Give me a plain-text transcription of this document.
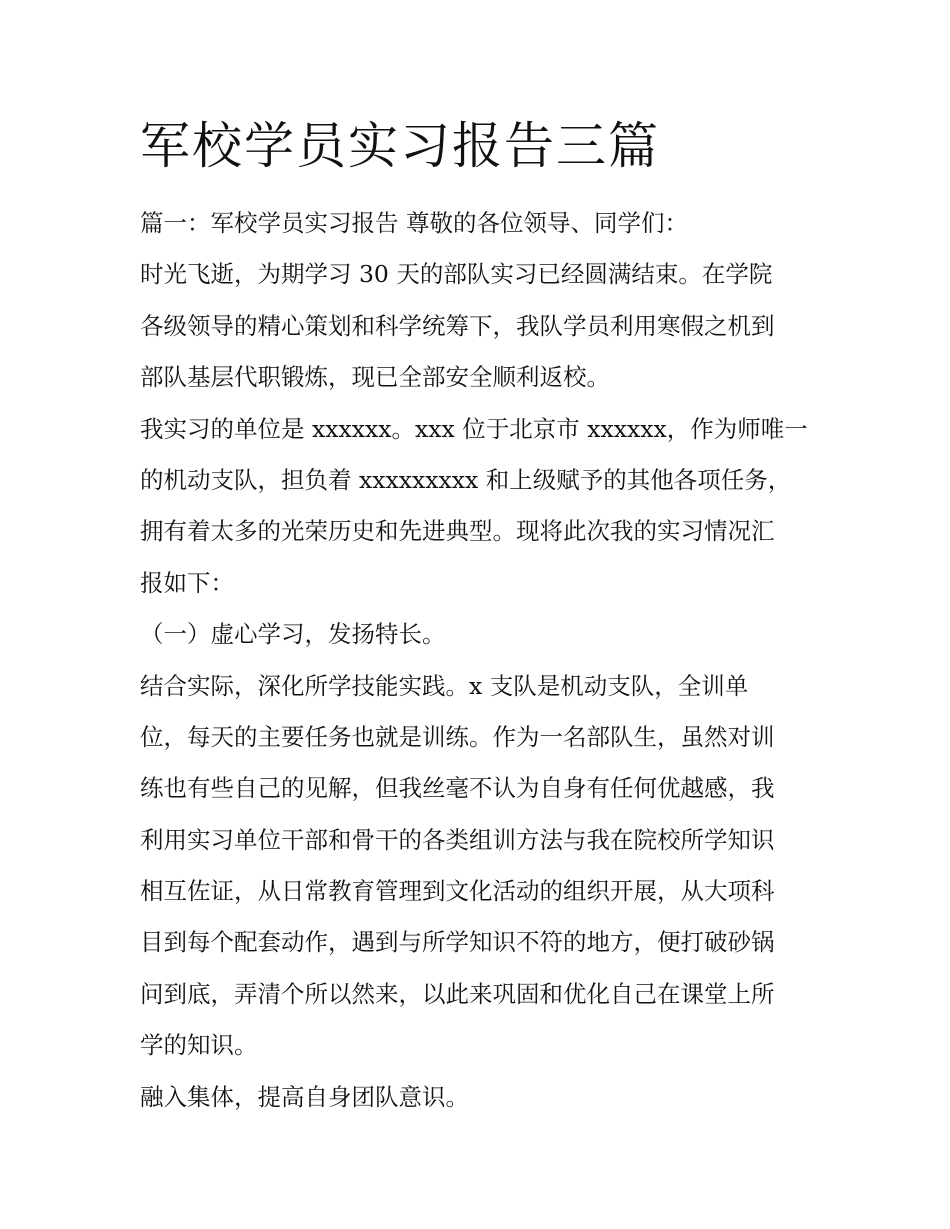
军校学员实习报告三篇

篇一：军校学员实习报告 尊敬的各位领导、同学们：

时光飞逝，为期学习 30 天的部队实习已经圆满结束。在学院

各级领导的精心策划和科学统筹下，我队学员利用寒假之机到

部队基层代职锻炼，现已全部安全顺利返校。

我实习的单位是 xxxxxx。xxx 位于北京市 xxxxxx，作为师唯一

的机动支队，担负着 xxxxxxxxx 和上级赋予的其他各项任务，

拥有着太多的光荣历史和先进典型。现将此次我的实习情况汇

报如下：

（一）虚心学习，发扬特长。

结合实际，深化所学技能实践。x 支队是机动支队，全训单

位，每天的主要任务也就是训练。作为一名部队生，虽然对训

练也有些自己的见解，但我丝毫不认为自身有任何优越感，我

利用实习单位干部和骨干的各类组训方法与我在院校所学知识

相互佐证，从日常教育管理到文化活动的组织开展，从大项科

目到每个配套动作，遇到与所学知识不符的地方，便打破砂锅

问到底，弄清个所以然来，以此来巩固和优化自己在课堂上所

学的知识。

融入集体，提高自身团队意识。
